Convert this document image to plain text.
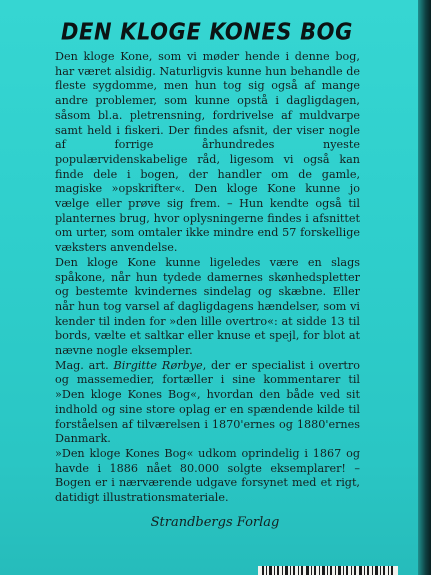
DEN KLOGE KONES BOG

Den kloge Kone, som vi møder hende i denne bog, har været alsidig. Naturligvis kunne hun behandle de fleste sygdomme, men hun tog sig også af mange andre problemer, som kunne opstå i dagligdagen, såsom bl.a. pletrensning, fordrivelse af muldvarpe samt held i fiskeri. Der findes afsnit, der viser nogle af forrige århundredes nyeste populærvidenskabelige råd, ligesom vi også kan finde dele i bogen, der handler om de gamle, magiske »opskrifter«. Den kloge Kone kunne jo vælge eller prøve sig frem. – Hun kendte også til planternes brug, hvor oplysningerne findes i afsnittet om urter, som omtaler ikke mindre end 57 forskellige væksters anvendelse.

Den kloge Kone kunne ligeledes være en slags spåkone, når hun tydede damernes skønhedspletter og bestemte kvindernes sindelag og skæbne. Eller når hun tog varsel af dagligdagens hændelser, som vi kender til inden for »den lille overtro«: at sidde 13 til bords, vælte et saltkar eller knuse et spejl, for blot at nævne nogle eksempler.

Mag. art. Birgitte Rørbye, der er specialist i overtro og massemedier, fortæller i sine kommentarer til »Den kloge Kones Bog«, hvordan den både ved sit indhold og sine store oplag er en spændende kilde til forståelsen af tilværelsen i 1870'ernes og 1880'ernes Danmark.

»Den kloge Kones Bog« udkom oprindelig i 1867 og havde i 1886 nået 80.000 solgte eksemplarer! – Bogen er i nærværende udgave forsynet med et rigt, datidigt illustrationsmateriale.

Strandbergs Forlag
